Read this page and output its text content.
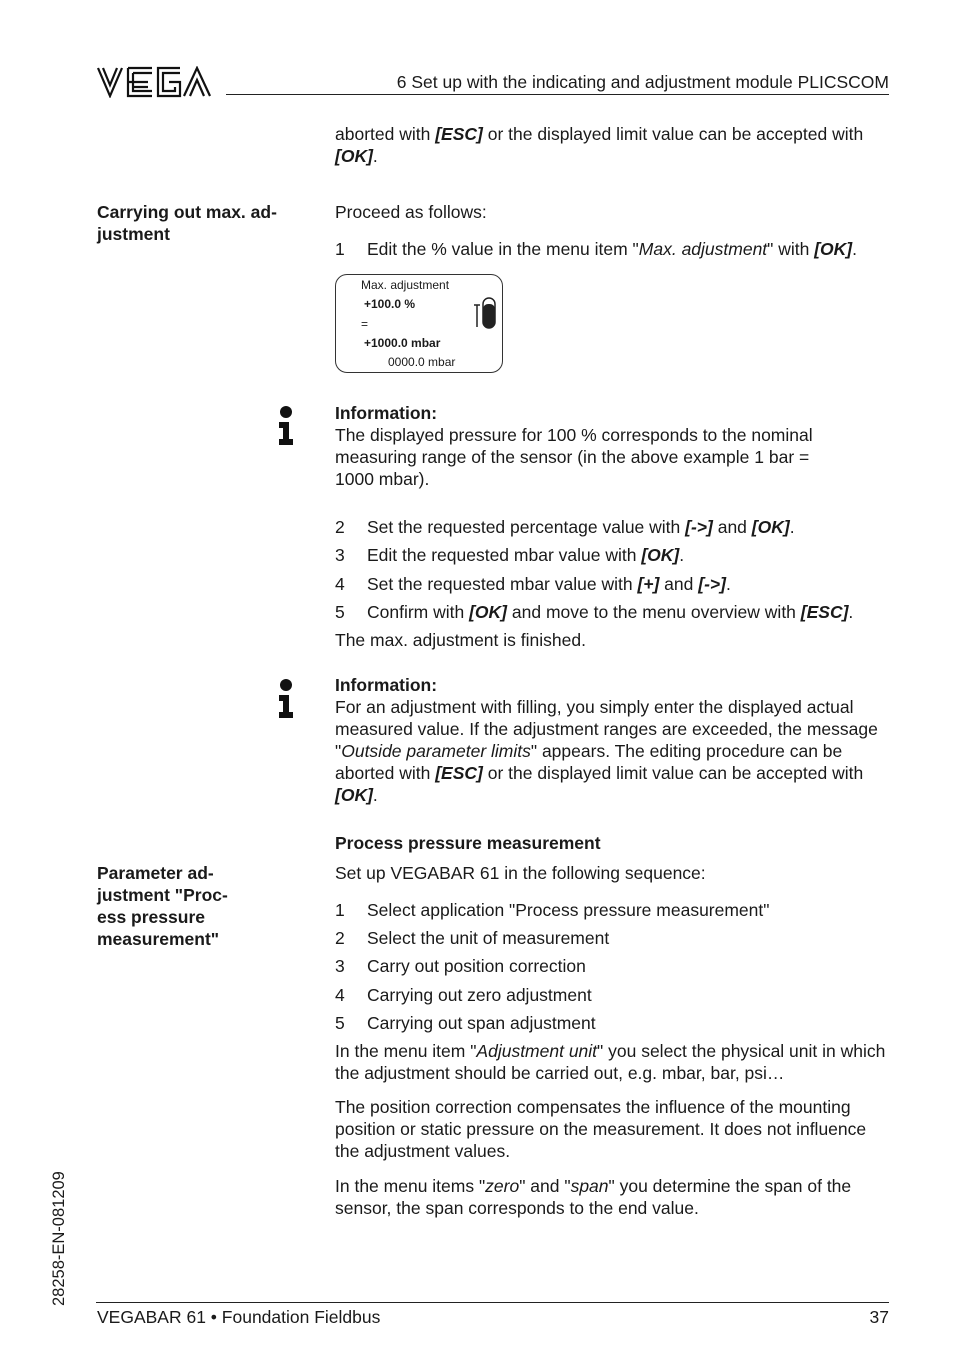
6 Set up with the indicating and adjustment module PLICSCOM
aborted with [ESC] or the displayed limit value can be accepted with
[OK].
Carrying out max. ad-
justment
Proceed as follows:
1 Edit the % value in the menu item "Max. adjustment" with [OK].
Max. adjustment
+100.0 %
=
+1000.0 mbar
0000.0 mbar
Information:
The displayed pressure for 100 % corresponds to the nominal
measuring range of the sensor (in the above example 1 bar =
1000 mbar).
2 Set the requested percentage value with [->] and [OK].
3 Edit the requested mbar value with [OK].
4 Set the requested mbar value with [+] and [->].
5 Confirm with [OK] and move to the menu overview with [ESC].
The max. adjustment is finished.
Information:
For an adjustment with filling, you simply enter the displayed actual
measured value. If the adjustment ranges are exceeded, the message
"Outside parameter limits" appears. The editing procedure can be
aborted with [ESC] or the displayed limit value can be accepted with
[OK].
Process pressure measurement
Parameter ad-
justment "Proc-
ess pressure
measurement"
Set up VEGABAR 61 in the following sequence:
1 Select application "Process pressure measurement"
2 Select the unit of measurement
3 Carry out position correction
4 Carrying out zero adjustment
5 Carrying out span adjustment
In the menu item "Adjustment unit" you select the physical unit in which
the adjustment should be carried out, e.g. mbar, bar, psi…
The position correction compensates the influence of the mounting
position or static pressure on the measurement. It does not influence
the adjustment values.
In the menu items "zero" and "span" you determine the span of the
sensor, the span corresponds to the end value.
28258-EN-081209
VEGABAR 61 • Foundation Fieldbus	37
